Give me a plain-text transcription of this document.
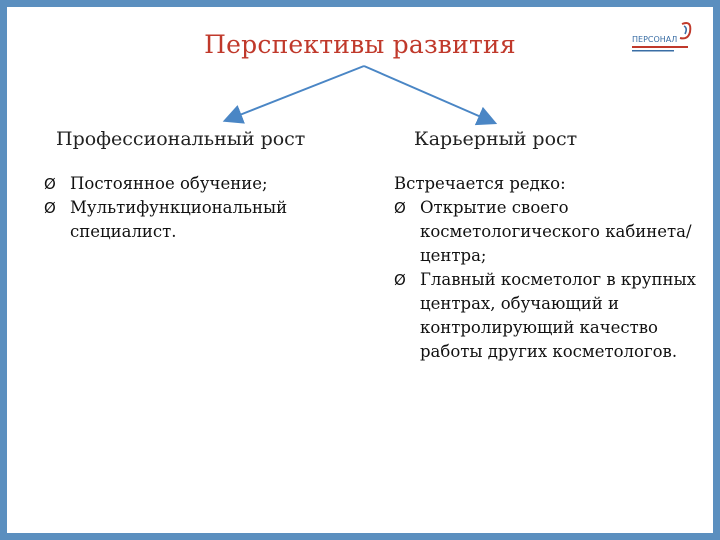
Перспективы развития	ПЕРСОНАЛ
Профессиональный рост	Карьерный рост
Ø Постоянное обучение;
Ø Мультифункциональный специалист.
Встречается редко:
Ø Открытие своего косметологического кабинета/центра;
Ø Главный косметолог в крупных центрах, обучающий и контролирующий качество работы других косметологов.
